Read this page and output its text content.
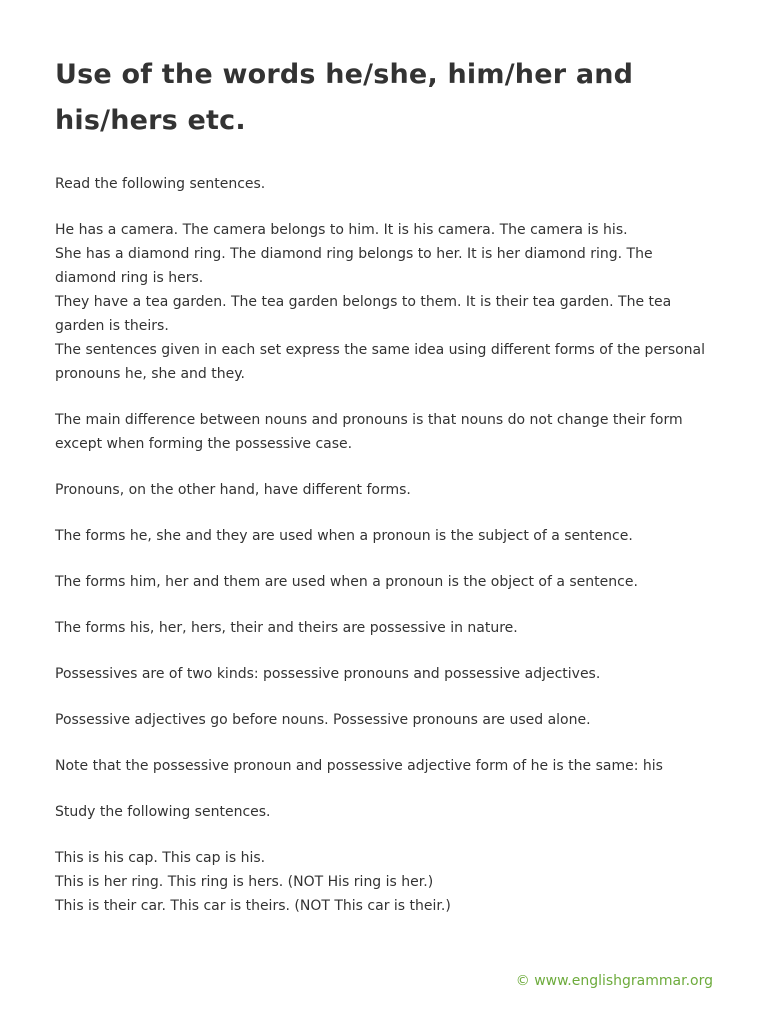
Use of the words he/she, him/her and his/hers etc.

Read the following sentences.

He has a camera. The camera belongs to him. It is his camera. The camera is his.
She has a diamond ring. The diamond ring belongs to her. It is her diamond ring. The diamond ring is hers.
They have a tea garden. The tea garden belongs to them. It is their tea garden. The tea garden is theirs.
The sentences given in each set express the same idea using different forms of the personal pronouns he, she and they.

The main difference between nouns and pronouns is that nouns do not change their form except when forming the possessive case.

Pronouns, on the other hand, have different forms.

The forms he, she and they are used when a pronoun is the subject of a sentence.

The forms him, her and them are used when a pronoun is the object of a sentence.

The forms his, her, hers, their and theirs are possessive in nature.

Possessives are of two kinds: possessive pronouns and possessive adjectives.

Possessive adjectives go before nouns. Possessive pronouns are used alone.

Note that the possessive pronoun and possessive adjective form of he is the same: his

Study the following sentences.

This is his cap. This cap is his.
This is her ring. This ring is hers. (NOT His ring is her.)
This is their car. This car is theirs. (NOT This car is their.)

© www.englishgrammar.org
